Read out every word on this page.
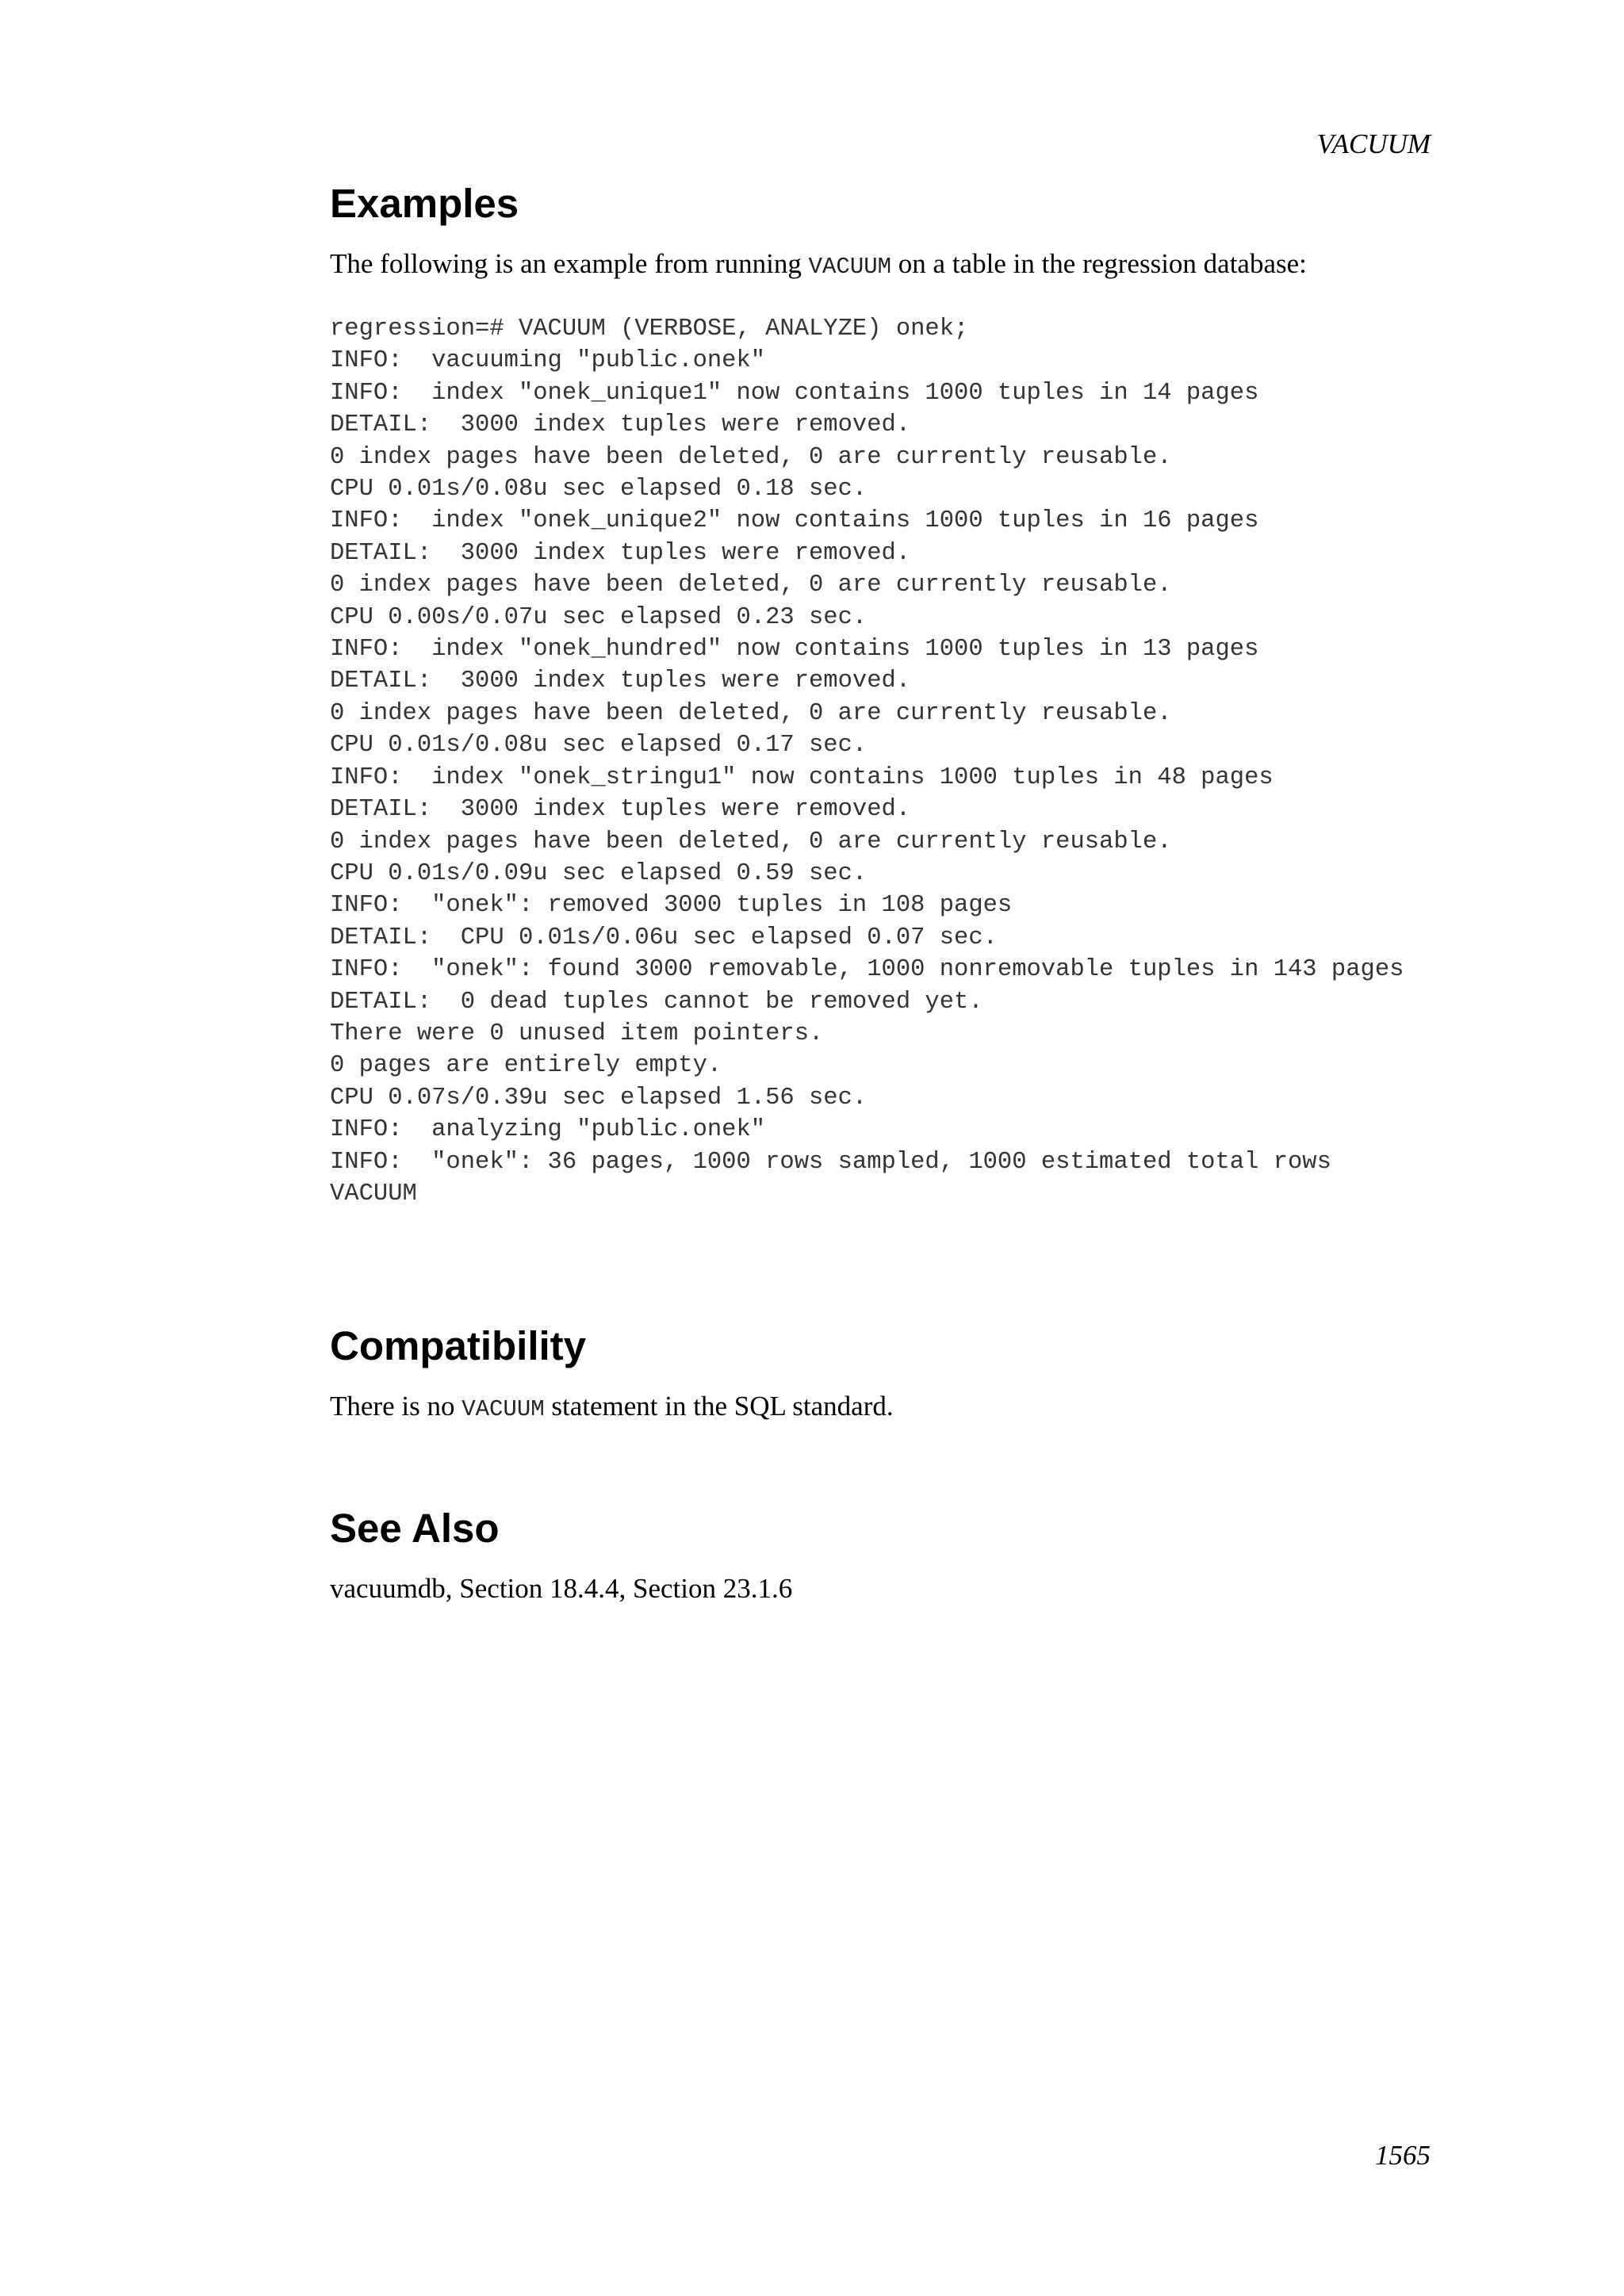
VACUUM
Examples

The following is an example from running VACUUM on a table in the regression database:

regression=# VACUUM (VERBOSE, ANALYZE) onek;
INFO:  vacuuming "public.onek"
INFO:  index "onek_unique1" now contains 1000 tuples in 14 pages
DETAIL:  3000 index tuples were removed.
0 index pages have been deleted, 0 are currently reusable.
CPU 0.01s/0.08u sec elapsed 0.18 sec.
INFO:  index "onek_unique2" now contains 1000 tuples in 16 pages
DETAIL:  3000 index tuples were removed.
0 index pages have been deleted, 0 are currently reusable.
CPU 0.00s/0.07u sec elapsed 0.23 sec.
INFO:  index "onek_hundred" now contains 1000 tuples in 13 pages
DETAIL:  3000 index tuples were removed.
0 index pages have been deleted, 0 are currently reusable.
CPU 0.01s/0.08u sec elapsed 0.17 sec.
INFO:  index "onek_stringu1" now contains 1000 tuples in 48 pages
DETAIL:  3000 index tuples were removed.
0 index pages have been deleted, 0 are currently reusable.
CPU 0.01s/0.09u sec elapsed 0.59 sec.
INFO:  "onek": removed 3000 tuples in 108 pages
DETAIL:  CPU 0.01s/0.06u sec elapsed 0.07 sec.
INFO:  "onek": found 3000 removable, 1000 nonremovable tuples in 143 pages
DETAIL:  0 dead tuples cannot be removed yet.
There were 0 unused item pointers.
0 pages are entirely empty.
CPU 0.07s/0.39u sec elapsed 1.56 sec.
INFO:  analyzing "public.onek"
INFO:  "onek": 36 pages, 1000 rows sampled, 1000 estimated total rows
VACUUM
Compatibility

There is no VACUUM statement in the SQL standard.

See Also

vacuumdb, Section 18.4.4, Section 23.1.6

1565
